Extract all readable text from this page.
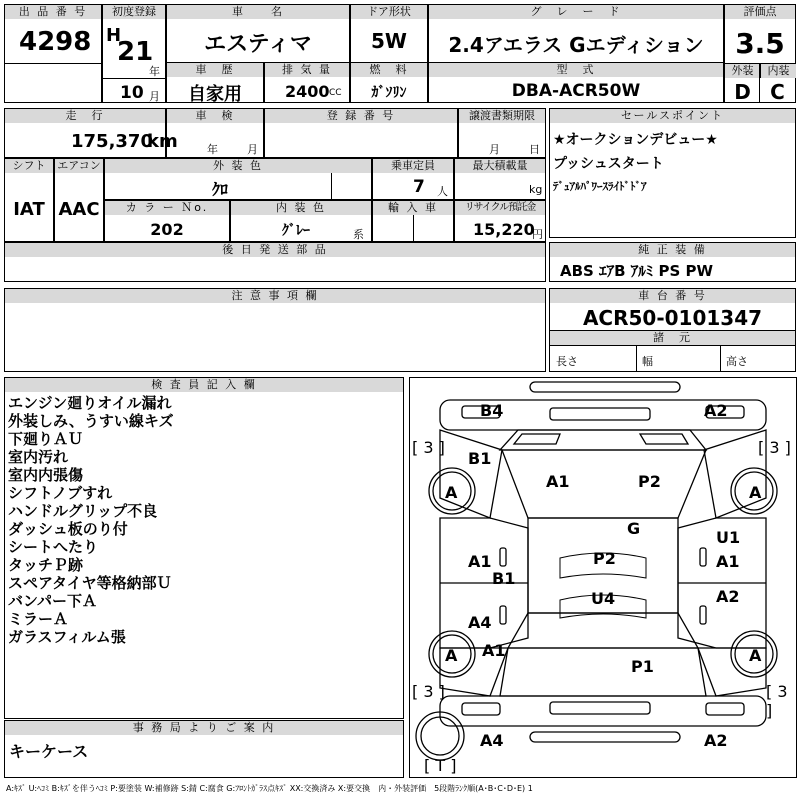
出 品 番 号
4298
初度登録
H
21
年
10 月
車　　名
エスティマ
ドア形状
5W
グ　レ　ー　ド
2.4アエラス Gエディション
評価点
3.5
外装	内装
D C
車　歴
自家用
排 気 量
2400 CC
燃　料
ｶﾞｿﾘﾝ
型　式
DBA-ACR50W
走　行
175,370
km
車　検
年	月
登 録 番 号	譲渡書類期限
月	日
セールスポイント
★オークションデビュー★
プッシュスタート
ﾃﾞｭｱﾙﾊﾟﾜｰｽﾗｲﾄﾞﾄﾞｱ
シフト
IAT
エアコン
AAC
外 装 色
ｸﾛ
乗車定員
7 人
最大積載量
kg
カ ラ ー Ｎo.
202
内 装 色
ｸﾞﾚｰ	系
輸 入 車	リサイクル預託金
15,220
円
後 日 発 送 部 品	純 正 装 備
ABS ｴｱB ｱﾙﾐ PS PW
注 意 事 項 欄	車 台 番 号
ACR50-0101347
諸　元
長さ	幅	高さ
検 査 員 記 入 欄
エンジン廻りオイル漏れ
外装しみ、うすい線キズ
下廻りＡＵ
室内汚れ
室内内張傷
シフトノブすれ
ハンドルグリップ不良
ダッシュ板のり付
シートへたり
タッチＰ跡
スペアタイヤ等格納部Ｕ
バンパー下Ａ
ミラーＡ
ガラスフィルム張
事 務 局 よ り ご 案 内
キーケース
[ 3 ]	[ 3 ]
[ 3 ]	[ 3 ]
[ T ]
B4	A2
B1
A	A
A1	P2
G	U1
A1	A1
B1
P2
A2
U4
A4
A1
A
P1
A
A4	A2
A:ｷｽﾞ U:ﾍｺﾐ B:ｷｽﾞを伴うﾍｺﾐ P:要塗装 W:補修跡 S:錆 C:腐食 G:ﾌﾛﾝﾄｶﾞﾗｽ点ｷｽﾞ XX:交換済み X:要交換　内・外装評価　5段階ﾗﾝｸ順(A･B･C･D･E) 1
